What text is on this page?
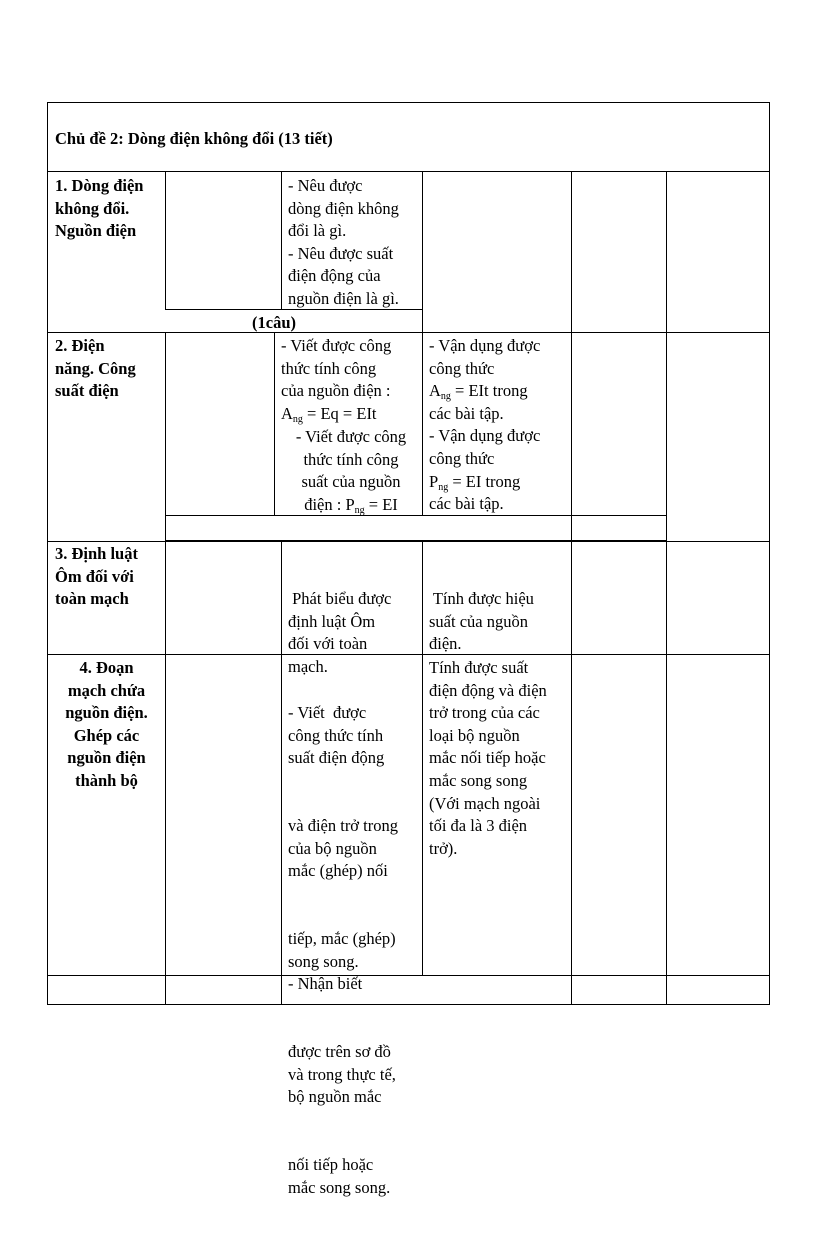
Chủ đề 2: Dòng điện không đổi (13 tiết)
1. Dòng điện
không đổi.
Nguồn điện
- Nêu được
dòng điện không
đổi là gì.
- Nêu được suất
điện động của
nguồn điện là gì.
(1câu)
2. Điện
năng. Công
suất điện
- Viết được công
thức tính công
của nguồn điện :
$A_{ng} = Eq$ = EIt
- Viết được công
thức tính công
suất của nguồn
điện : $P_{ng}$ = EI
- Vận dụng được
công thức
$A_{ng}$ = EIt trong
các bài tập.
- Vận dụng được
công thức
$P_{ng}$ = EI trong
các bài tập.
3. Định luật
Ôm đối với
toàn mạch

	Phát biểu được
định luật Ôm
đối với toàn
mạch.

Tính được hiệu
suất của nguồn
điện.

4. Đoạn
mạch chứa
nguồn điện.
Ghép các
nguồn điện
thành bộ

- Viết  được
công thức tính
suất điện động

và điện trở trong
của bộ nguồn
mắc (ghép) nối

tiếp, mắc (ghép)
song song.
- Nhận biết

được trên sơ đồ
và trong thực tế,
bộ nguồn mắc

nối tiếp hoặc
mắc song song.

Tính được suất
điện động và điện
trở trong của các
loại bộ nguồn
mắc nối tiếp hoặc
mắc song song
(Với mạch ngoài
tối đa là 3 điện
trở).
